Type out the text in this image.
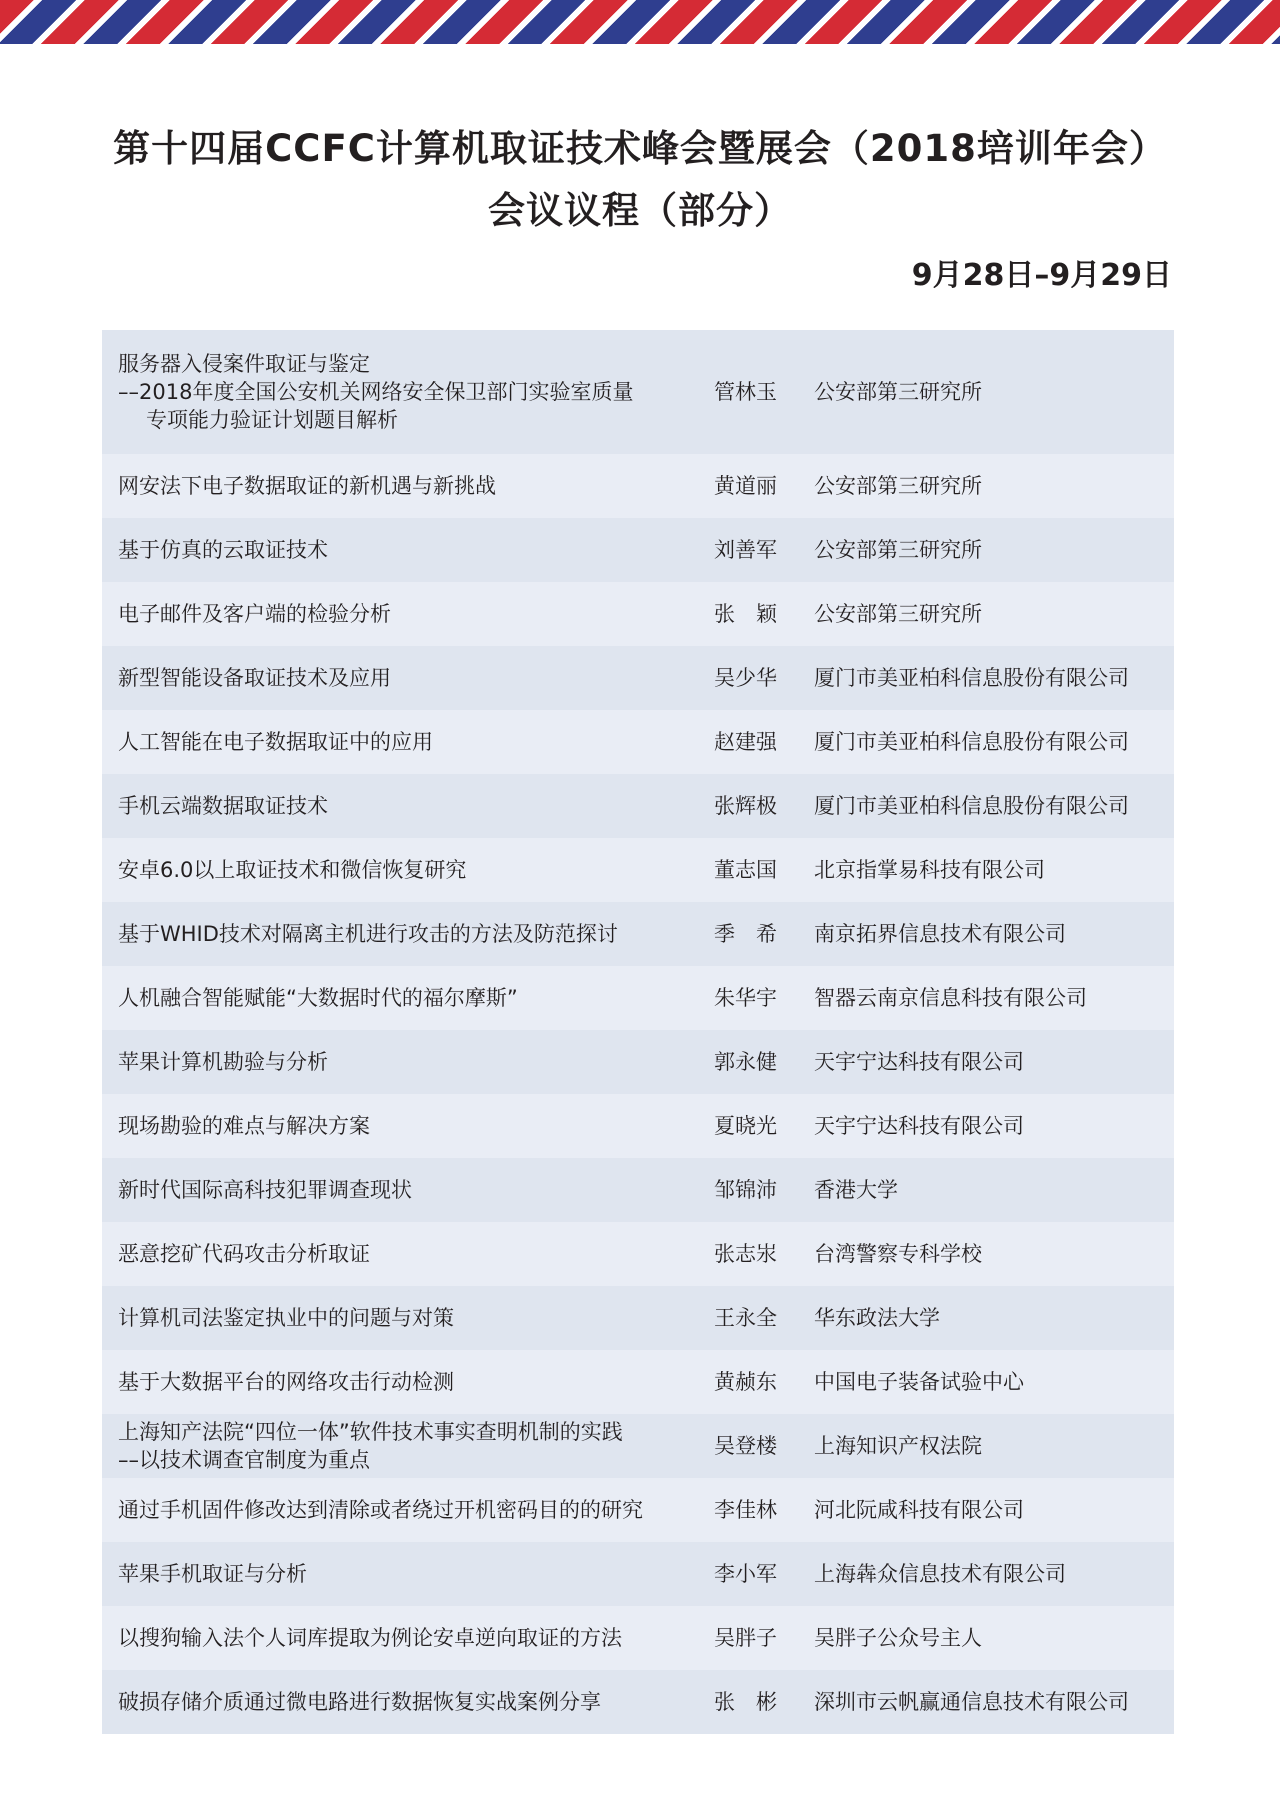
第十四届CCFC计算机取证技术峰会暨展会（2018培训年会）
会议议程（部分）
9月28日–9月29日
服务器入侵案件取证与鉴定
––2018年度全国公安机关网络安全保卫部门实验室质量
专项能力验证计划题目解析
管林玉 公安部第三研究所
网安法下电子数据取证的新机遇与新挑战	黄道丽 公安部第三研究所
基于仿真的云取证技术	刘善军 公安部第三研究所
电子邮件及客户端的检验分析	张　颖 公安部第三研究所
新型智能设备取证技术及应用	吴少华 厦门市美亚柏科信息股份有限公司
人工智能在电子数据取证中的应用	赵建强 厦门市美亚柏科信息股份有限公司
手机云端数据取证技术	张辉极 厦门市美亚柏科信息股份有限公司
安卓6.0以上取证技术和微信恢复研究	董志国 北京指掌易科技有限公司
基于WHID技术对隔离主机进行攻击的方法及防范探讨	季　希 南京拓界信息技术有限公司
人机融合智能赋能“大数据时代的福尔摩斯”	朱华宇 智器云南京信息科技有限公司
苹果计算机勘验与分析	郭永健 天宇宁达科技有限公司
现场勘验的难点与解决方案	夏晓光 天宇宁达科技有限公司
新时代国际高科技犯罪调查现状	邹锦沛 香港大学
恶意挖矿代码攻击分析取证	张志汖 台湾警察专科学校
计算机司法鉴定执业中的问题与对策	王永全 华东政法大学
基于大数据平台的网络攻击行动检测	黄赪东 中国电子装备试验中心
上海知产法院“四位一体”软件技术事实查明机制的实践
––以技术调查官制度为重点
吴登楼 上海知识产权法院
通过手机固件修改达到清除或者绕过开机密码目的的研究	李佳林 河北阮咸科技有限公司
苹果手机取证与分析	李小军 上海犇众信息技术有限公司
以搜狗输入法个人词库提取为例论安卓逆向取证的方法	吴胖子 吴胖子公众号主人
破损存储介质通过微电路进行数据恢复实战案例分享	张　彬 深圳市云帆赢通信息技术有限公司
